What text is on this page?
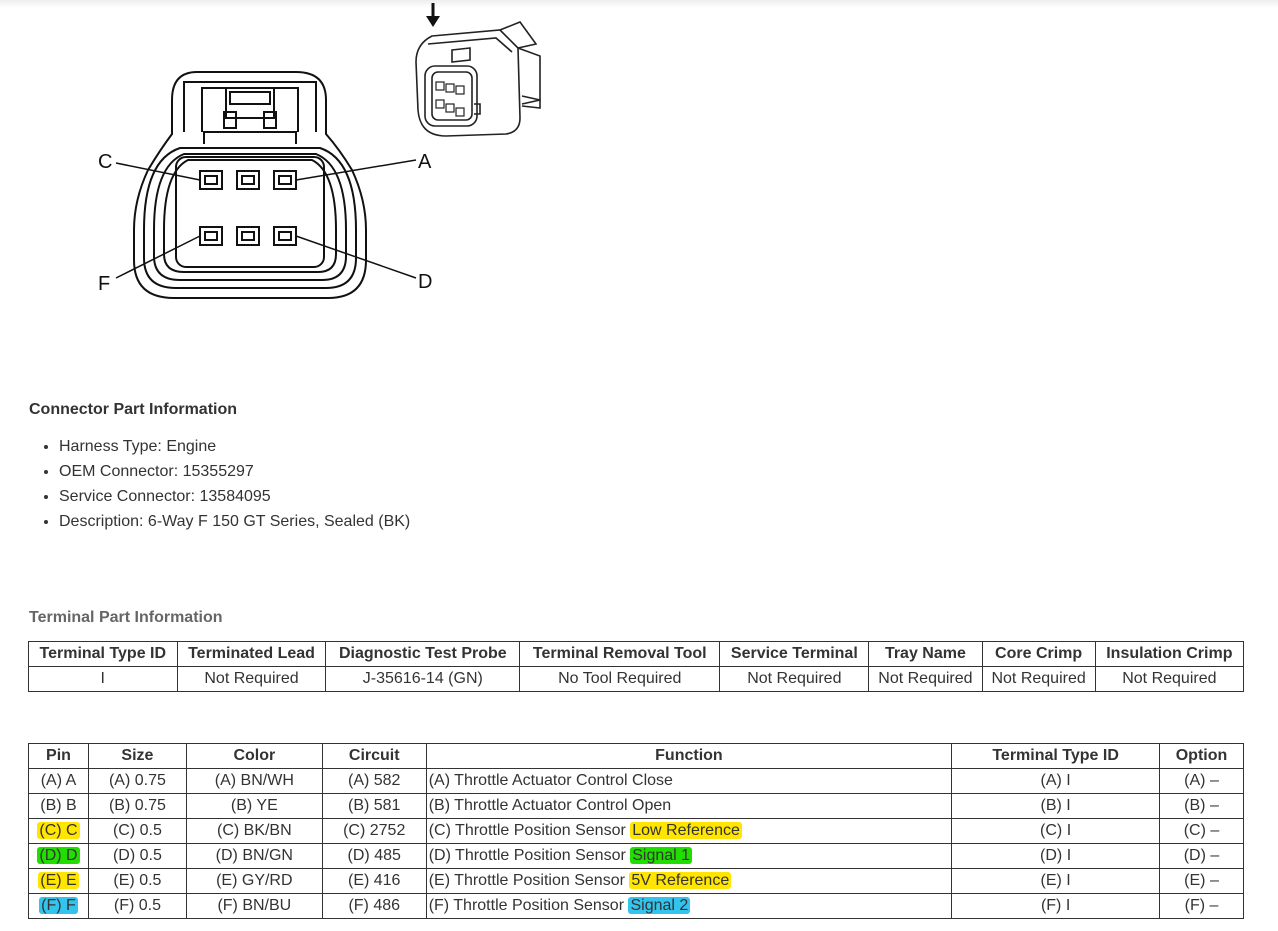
C	A
F	D
Connector Part Information
• Harness Type: Engine
• OEM Connector: 15355297
• Service Connector: 13584095
• Description: 6-Way F 150 GT Series, Sealed (BK)
Terminal Part Information
Terminal Type ID	Terminated Lead	Diagnostic Test Probe	Terminal Removal Tool	Service Terminal	Tray Name	Core Crimp	Insulation Crimp
I	Not Required	J-35616-14 (GN)	No Tool Required	Not Required	Not Required	Not Required	Not Required
Pin	Size	Color	Circuit	Function	Terminal Type ID	Option
(A) A	(A) 0.75	(A) BN/WH	(A) 582	(A) Throttle Actuator Control Close	(A) I	(A) –
(B) B	(B) 0.75	(B) YE	(B) 581	(B) Throttle Actuator Control Open	(B) I	(B) –
(C) C	(C) 0.5	(C) BK/BN	(C) 2752	(C) Throttle Position Sensor Low Reference	(C) I	(C) –
(D) D	(D) 0.5	(D) BN/GN	(D) 485	(D) Throttle Position Sensor Signal 1	(D) I	(D) –
(E) E	(E) 0.5	(E) GY/RD	(E) 416	(E) Throttle Position Sensor 5V Reference	(E) I	(E) –
(F) F	(F) 0.5	(F) BN/BU	(F) 486	(F) Throttle Position Sensor Signal 2	(F) I	(F) –
